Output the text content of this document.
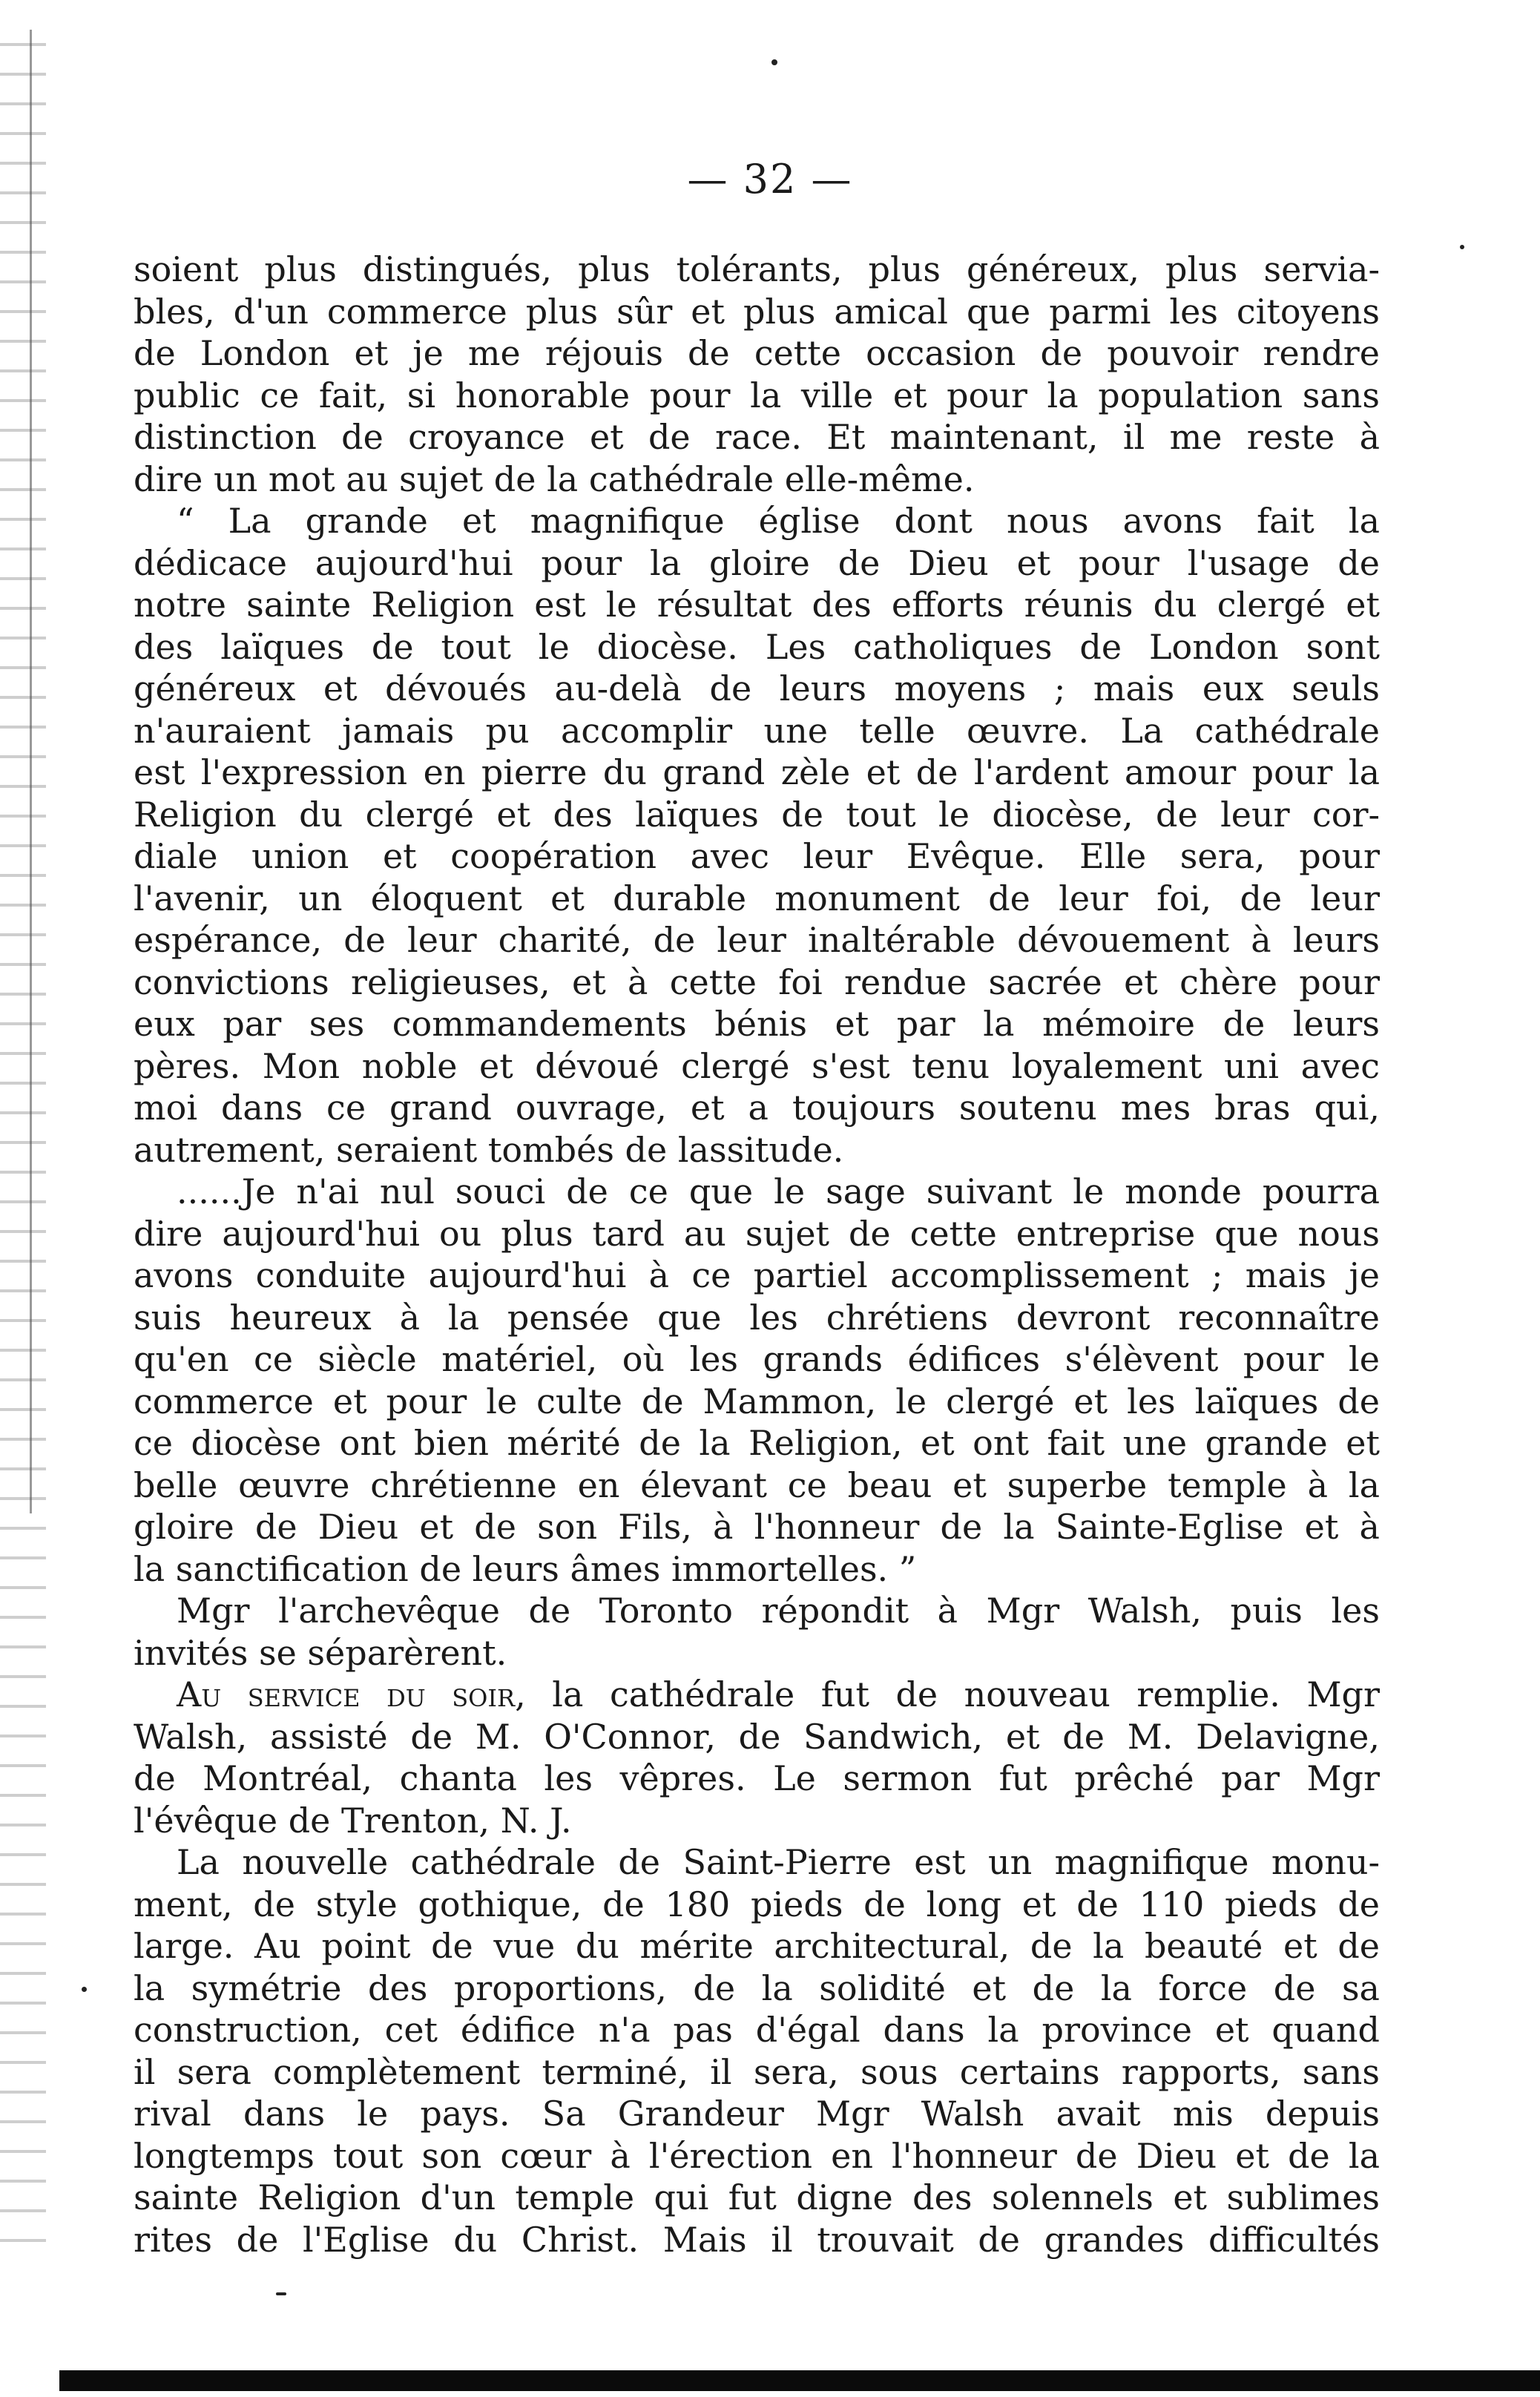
— 32 —
soient plus distingués, plus tolérants, plus généreux, plus servia-
bles, d'un commerce plus sûr et plus amical que parmi les citoyens
de London et je me réjouis de cette occasion de pouvoir rendre
public ce fait, si honorable pour la ville et pour la population sans
distinction de croyance et de race. Et maintenant, il me reste à
dire un mot au sujet de la cathédrale elle-même.
“ La grande et magnifique église dont nous avons fait la
dédicace aujourd'hui pour la gloire de Dieu et pour l'usage de
notre sainte Religion est le résultat des efforts réunis du clergé et
des laïques de tout le diocèse. Les catholiques de London sont
généreux et dévoués au-delà de leurs moyens ; mais eux seuls
n'auraient jamais pu accomplir une telle œuvre. La cathédrale
est l'expression en pierre du grand zèle et de l'ardent amour pour la
Religion du clergé et des laïques de tout le diocèse, de leur cor-
diale union et coopération avec leur Evêque. Elle sera, pour
l'avenir, un éloquent et durable monument de leur foi, de leur
espérance, de leur charité, de leur inaltérable dévouement à leurs
convictions religieuses, et à cette foi rendue sacrée et chère pour
eux par ses commandements bénis et par la mémoire de leurs
pères. Mon noble et dévoué clergé s'est tenu loyalement uni avec
moi dans ce grand ouvrage, et a toujours soutenu mes bras qui,
autrement, seraient tombés de lassitude.
......Je n'ai nul souci de ce que le sage suivant le monde pourra
dire aujourd'hui ou plus tard au sujet de cette entreprise que nous
avons conduite aujourd'hui à ce partiel accomplissement ; mais je
suis heureux à la pensée que les chrétiens devront reconnaître
qu'en ce siècle matériel, où les grands édifices s'élèvent pour le
commerce et pour le culte de Mammon, le clergé et les laïques de
ce diocèse ont bien mérité de la Religion, et ont fait une grande et
belle œuvre chrétienne en élevant ce beau et superbe temple à la
gloire de Dieu et de son Fils, à l'honneur de la Sainte-Eglise et à
la sanctification de leurs âmes immortelles. ”
Mgr l'archevêque de Toronto répondit à Mgr Walsh, puis les
invités se séparèrent.
Au service du soir, la cathédrale fut de nouveau remplie. Mgr
Walsh, assisté de M. O'Connor, de Sandwich, et de M. Delavigne,
de Montréal, chanta les vêpres. Le sermon fut prêché par Mgr
l'évêque de Trenton, N. J.
La nouvelle cathédrale de Saint-Pierre est un magnifique monu-
ment, de style gothique, de 180 pieds de long et de 110 pieds de
large. Au point de vue du mérite architectural, de la beauté et de
la symétrie des proportions, de la solidité et de la force de sa
construction, cet édifice n'a pas d'égal dans la province et quand
il sera complètement terminé, il sera, sous certains rapports, sans
rival dans le pays. Sa Grandeur Mgr Walsh avait mis depuis
longtemps tout son cœur à l'érection en l'honneur de Dieu et de la
sainte Religion d'un temple qui fut digne des solennels et sublimes
rites de l'Eglise du Christ. Mais il trouvait de grandes difficultés
